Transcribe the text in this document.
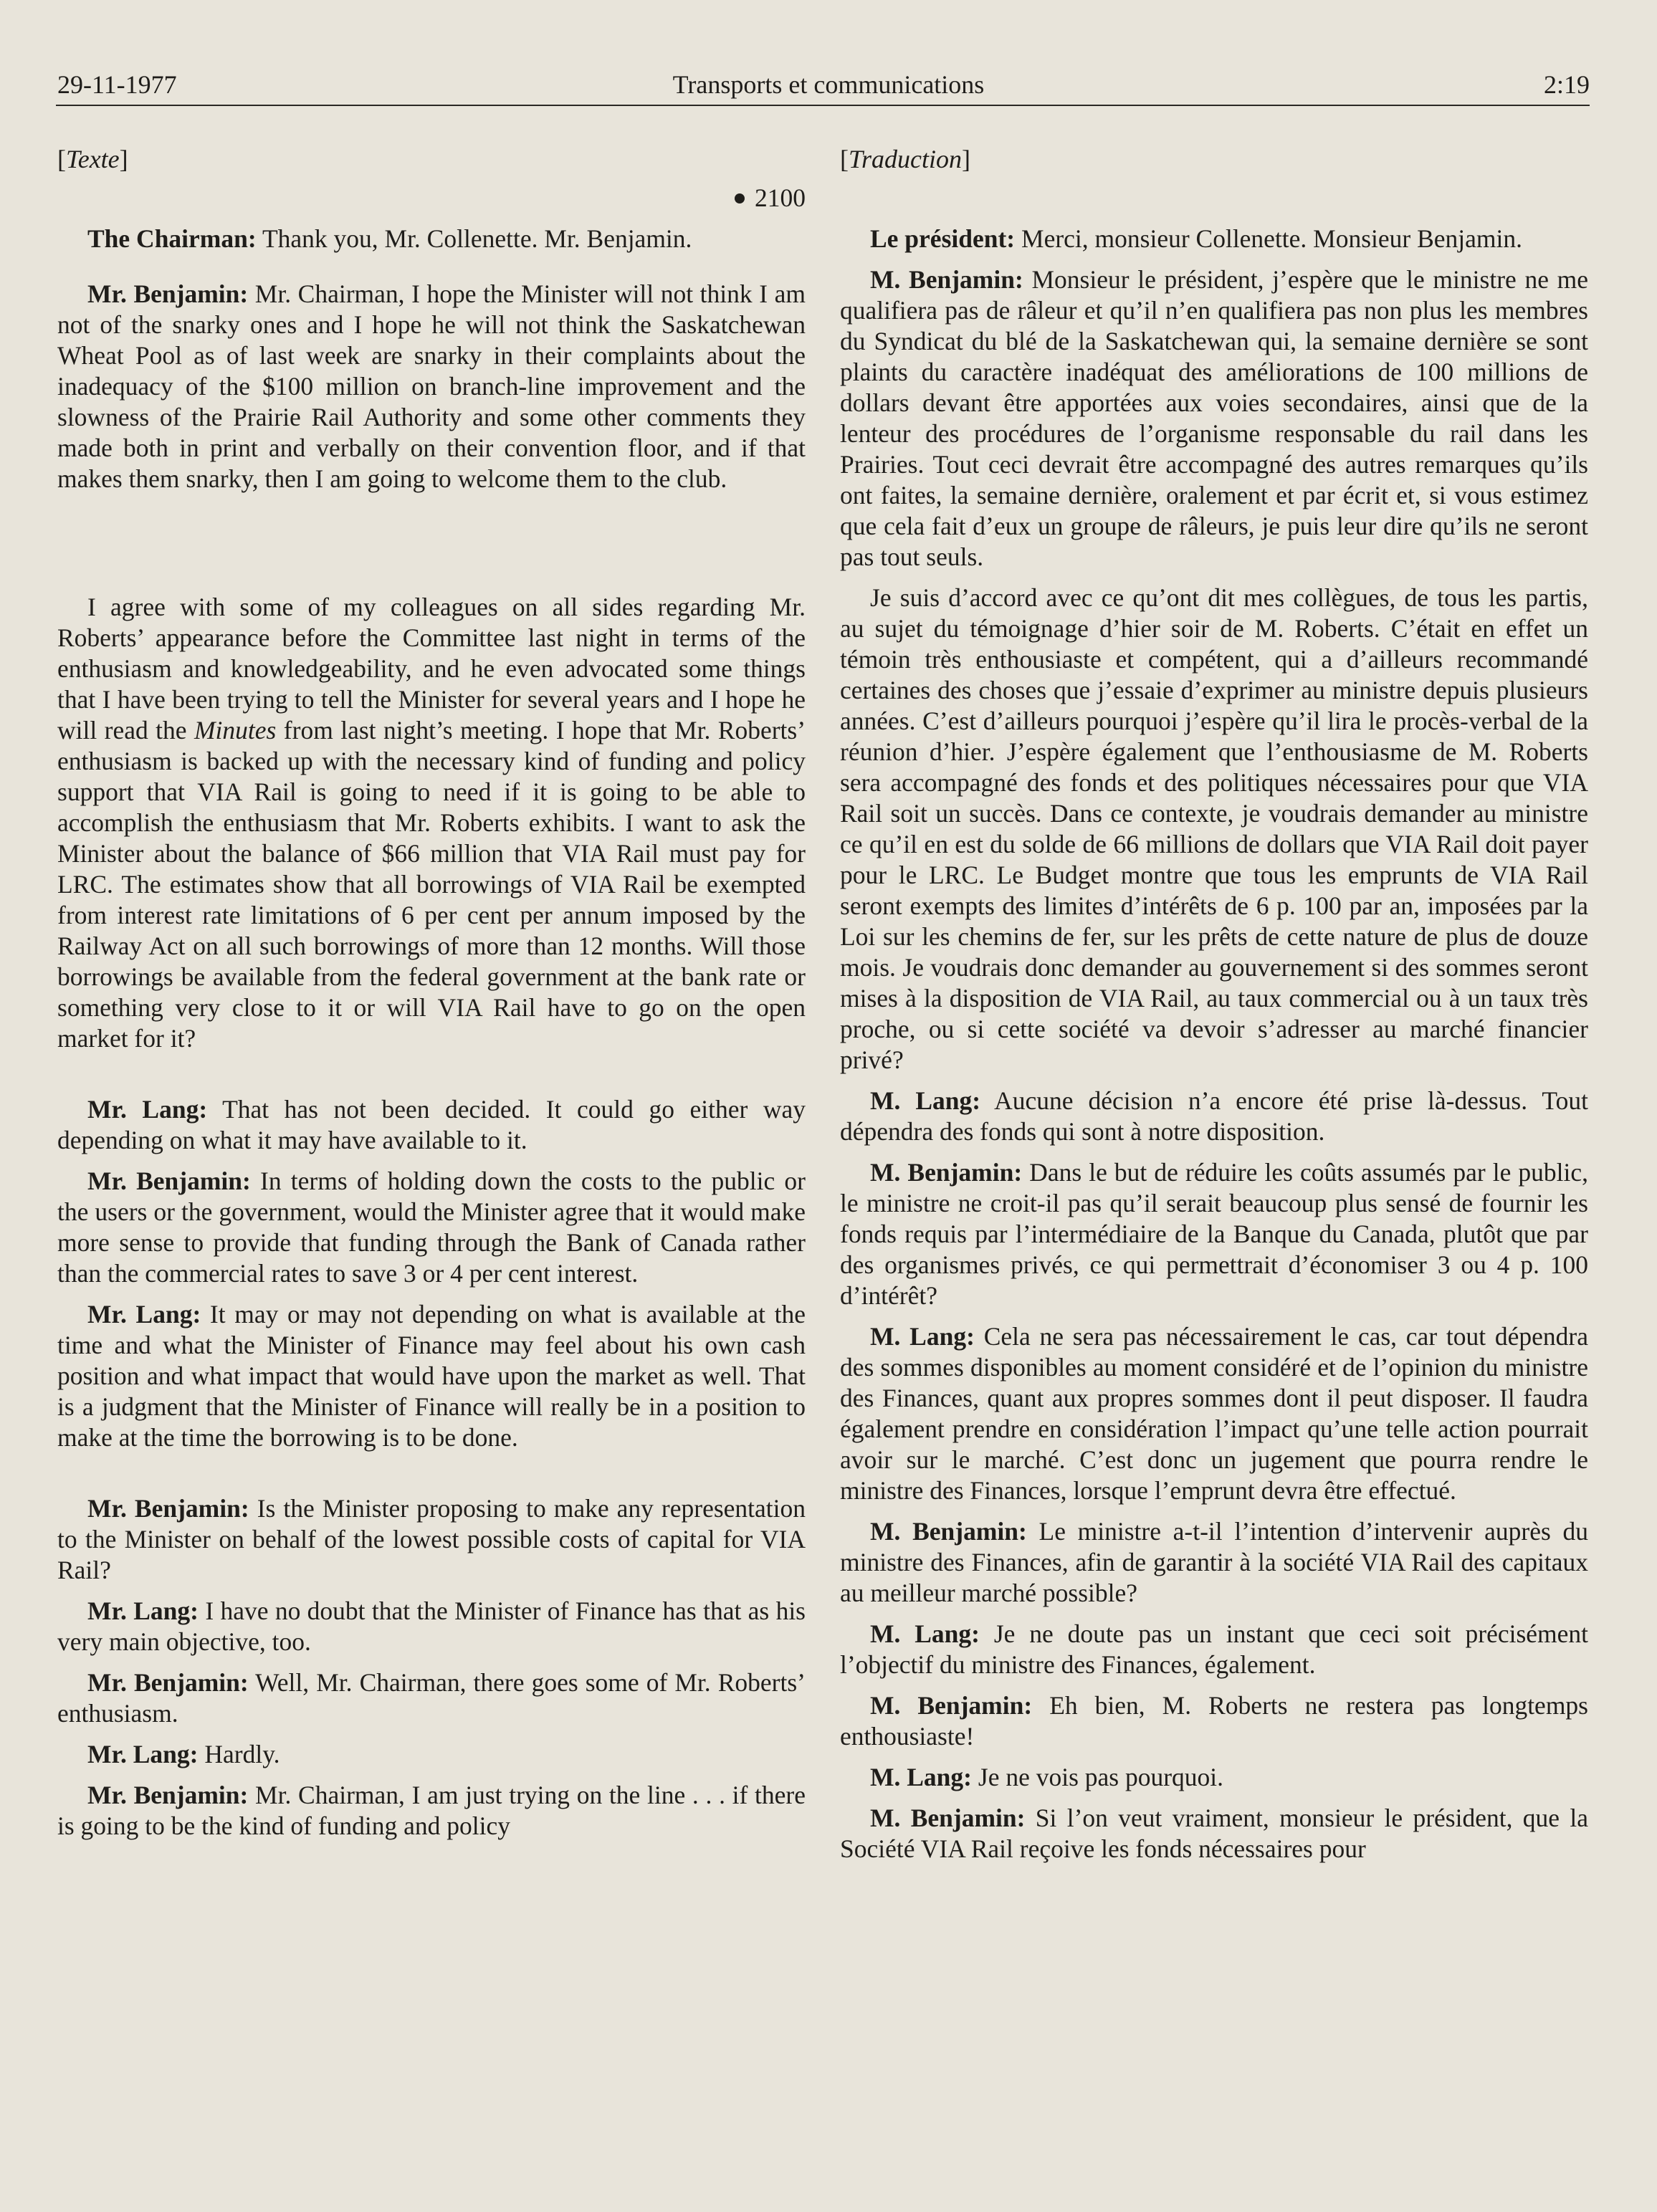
29-11-1977	Transports et communications	2:19
[Texte]
2100

The Chairman: Thank you, Mr. Collenette. Mr. Benjamin.

Mr. Benjamin: Mr. Chairman, I hope the Minister will not think I am not of the snarky ones and I hope he will not think the Saskatchewan Wheat Pool as of last week are snarky in their complaints about the inadequacy of the $100 million on branch-line improvement and the slowness of the Prairie Rail Authority and some other comments they made both in print and verbally on their convention floor, and if that makes them snarky, then I am going to welcome them to the club.

I agree with some of my colleagues on all sides regarding Mr. Roberts’ appearance before the Committee last night in terms of the enthusiasm and knowledgeability, and he even advocated some things that I have been trying to tell the Minister for several years and I hope he will read the Minutes from last night’s meeting. I hope that Mr. Roberts’ enthusiasm is backed up with the necessary kind of funding and policy support that VIA Rail is going to need if it is going to be able to accomplish the enthusiasm that Mr. Roberts exhibits. I want to ask the Minister about the balance of $66 million that VIA Rail must pay for LRC. The estimates show that all borrowings of VIA Rail be exempted from interest rate limitations of 6 per cent per annum imposed by the Railway Act on all such borrowings of more than 12 months. Will those borrowings be available from the federal government at the bank rate or something very close to it or will VIA Rail have to go on the open market for it?

Mr. Lang: That has not been decided. It could go either way depending on what it may have available to it.

Mr. Benjamin: In terms of holding down the costs to the public or the users or the government, would the Minister agree that it would make more sense to provide that funding through the Bank of Canada rather than the commercial rates to save 3 or 4 per cent interest.

Mr. Lang: It may or may not depending on what is available at the time and what the Minister of Finance may feel about his own cash position and what impact that would have upon the market as well. That is a judgment that the Minister of Finance will really be in a position to make at the time the borrowing is to be done.

Mr. Benjamin: Is the Minister proposing to make any representation to the Minister on behalf of the lowest possible costs of capital for VIA Rail?

Mr. Lang: I have no doubt that the Minister of Finance has that as his very main objective, too.

Mr. Benjamin: Well, Mr. Chairman, there goes some of Mr. Roberts’ enthusiasm.

Mr. Lang: Hardly.

Mr. Benjamin: Mr. Chairman, I am just trying on the line . . . if there is going to be the kind of funding and policy

[Traduction]

Le président: Merci, monsieur Collenette. Monsieur Benjamin.

M. Benjamin: Monsieur le président, j’espère que le ministre ne me qualifiera pas de râleur et qu’il n’en qualifiera pas non plus les membres du Syndicat du blé de la Saskatchewan qui, la semaine dernière se sont plaints du caractère inadéquat des améliorations de 100 millions de dollars devant être apportées aux voies secondaires, ainsi que de la lenteur des procédures de l’organisme responsable du rail dans les Prairies. Tout ceci devrait être accompagné des autres remarques qu’ils ont faites, la semaine dernière, oralement et par écrit et, si vous estimez que cela fait d’eux un groupe de râleurs, je puis leur dire qu’ils ne seront pas tout seuls.

Je suis d’accord avec ce qu’ont dit mes collègues, de tous les partis, au sujet du témoignage d’hier soir de M. Roberts. C’était en effet un témoin très enthousiaste et compétent, qui a d’ailleurs recommandé certaines des choses que j’essaie d’exprimer au ministre depuis plusieurs années. C’est d’ailleurs pourquoi j’espère qu’il lira le procès-verbal de la réunion d’hier. J’espère également que l’enthousiasme de M. Roberts sera accompagné des fonds et des politiques nécessaires pour que VIA Rail soit un succès. Dans ce contexte, je voudrais demander au ministre ce qu’il en est du solde de 66 millions de dollars que VIA Rail doit payer pour le LRC. Le Budget montre que tous les emprunts de VIA Rail seront exempts des limites d’intérêts de 6 p. 100 par an, imposées par la Loi sur les chemins de fer, sur les prêts de cette nature de plus de douze mois. Je voudrais donc demander au gouvernement si des sommes seront mises à la disposition de VIA Rail, au taux commercial ou à un taux très proche, ou si cette société va devoir s’adresser au marché financier privé?

M. Lang: Aucune décision n’a encore été prise là-dessus. Tout dépendra des fonds qui sont à notre disposition.

M. Benjamin: Dans le but de réduire les coûts assumés par le public, le ministre ne croit-il pas qu’il serait beaucoup plus sensé de fournir les fonds requis par l’intermédiaire de la Banque du Canada, plutôt que par des organismes privés, ce qui permettrait d’économiser 3 ou 4 p. 100 d’intérêt?

M. Lang: Cela ne sera pas nécessairement le cas, car tout dépendra des sommes disponibles au moment considéré et de l’opinion du ministre des Finances, quant aux propres sommes dont il peut disposer. Il faudra également prendre en considération l’impact qu’une telle action pourrait avoir sur le marché. C’est donc un jugement que pourra rendre le ministre des Finances, lorsque l’emprunt devra être effectué.

M. Benjamin: Le ministre a-t-il l’intention d’intervenir auprès du ministre des Finances, afin de garantir à la société VIA Rail des capitaux au meilleur marché possible?

M. Lang: Je ne doute pas un instant que ceci soit précisément l’objectif du ministre des Finances, également.

M. Benjamin: Eh bien, M. Roberts ne restera pas longtemps enthousiaste!

M. Lang: Je ne vois pas pourquoi.

M. Benjamin: Si l’on veut vraiment, monsieur le président, que la Société VIA Rail reçoive les fonds nécessaires pour
